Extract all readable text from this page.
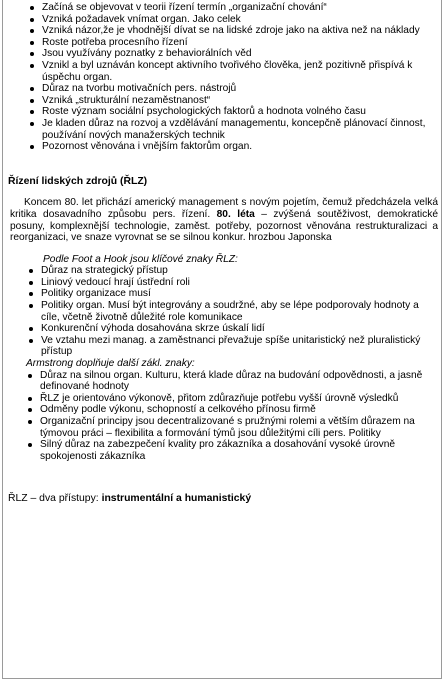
Začíná se objevovat v teorii řízení termín „organizační chování“
Vzniká požadavek vnímat organ. Jako celek
Vzniká názor,že je vhodnější dívat se na lidské zdroje jako na aktiva než na náklady
Roste potřeba procesního řízení
Jsou využívány poznatky z behaviorálních věd
Vznikl a byl uznáván koncept aktivního tvořivého člověka, jenž pozitivně přispívá k úspěchu organ.
Důraz na tvorbu motivačních pers. nástrojů
Vzniká „strukturální nezaměstnanost“
Roste význam sociální psychologických faktorů a hodnota volného času
Je kladen důraz na rozvoj a vzdělávání managementu, koncepčně plánovací činnost, používání nových manažerských technik
Pozornost věnována i vnějším faktorům organ.
Řízení lidských zdrojů (ŘLZ)
Koncem 80. let přichází americký management s novým pojetím, čemuž předcházela velká kritika dosavadního způsobu pers. řízení. 80. léta – zvýšená soutěživost, demokratické posuny, komplexnější technologie, zaměst. potřeby, pozornost věnována restrukturalizaci a reorganizaci, ve snaze vyrovnat se se silnou konkur. hrozbou Japonska
Podle Foot a Hook jsou klíčové znaky ŘLZ:
Důraz na strategický přístup
Liniový vedoucí hrají ústřední roli
Politiky organizace musí
Politiky organ. Musí být integrovány a soudržné, aby se lépe podporovaly hodnoty a cíle, včetně životně důležité role komunikace
Konkurenční výhoda dosahována skrze úskalí lidí
Ve vztahu mezi manag. a zaměstnanci převažuje spíše unitaristický než pluralistický přístup
Armstrong doplňuje další zákl. znaky:
Důraz na silnou organ. Kulturu, která klade důraz na budování odpovědnosti, a jasně definované hodnoty
ŘLZ je orientováno výkonově, přitom zdůrazňuje potřebu vyšší úrovně výsledků
Odměny podle výkonu, schopností a celkového přínosu firmě
Organizační principy jsou decentralizované s pružnými rolemi a větším důrazem na týmovou práci – flexibilita a formování týmů jsou důležitými cíli pers. Politiky
Silný důraz na zabezpečení kvality pro zákazníka a dosahování vysoké úrovně spokojenosti zákazníka
ŘLZ – dva přístupy: instrumentální a humanistický
